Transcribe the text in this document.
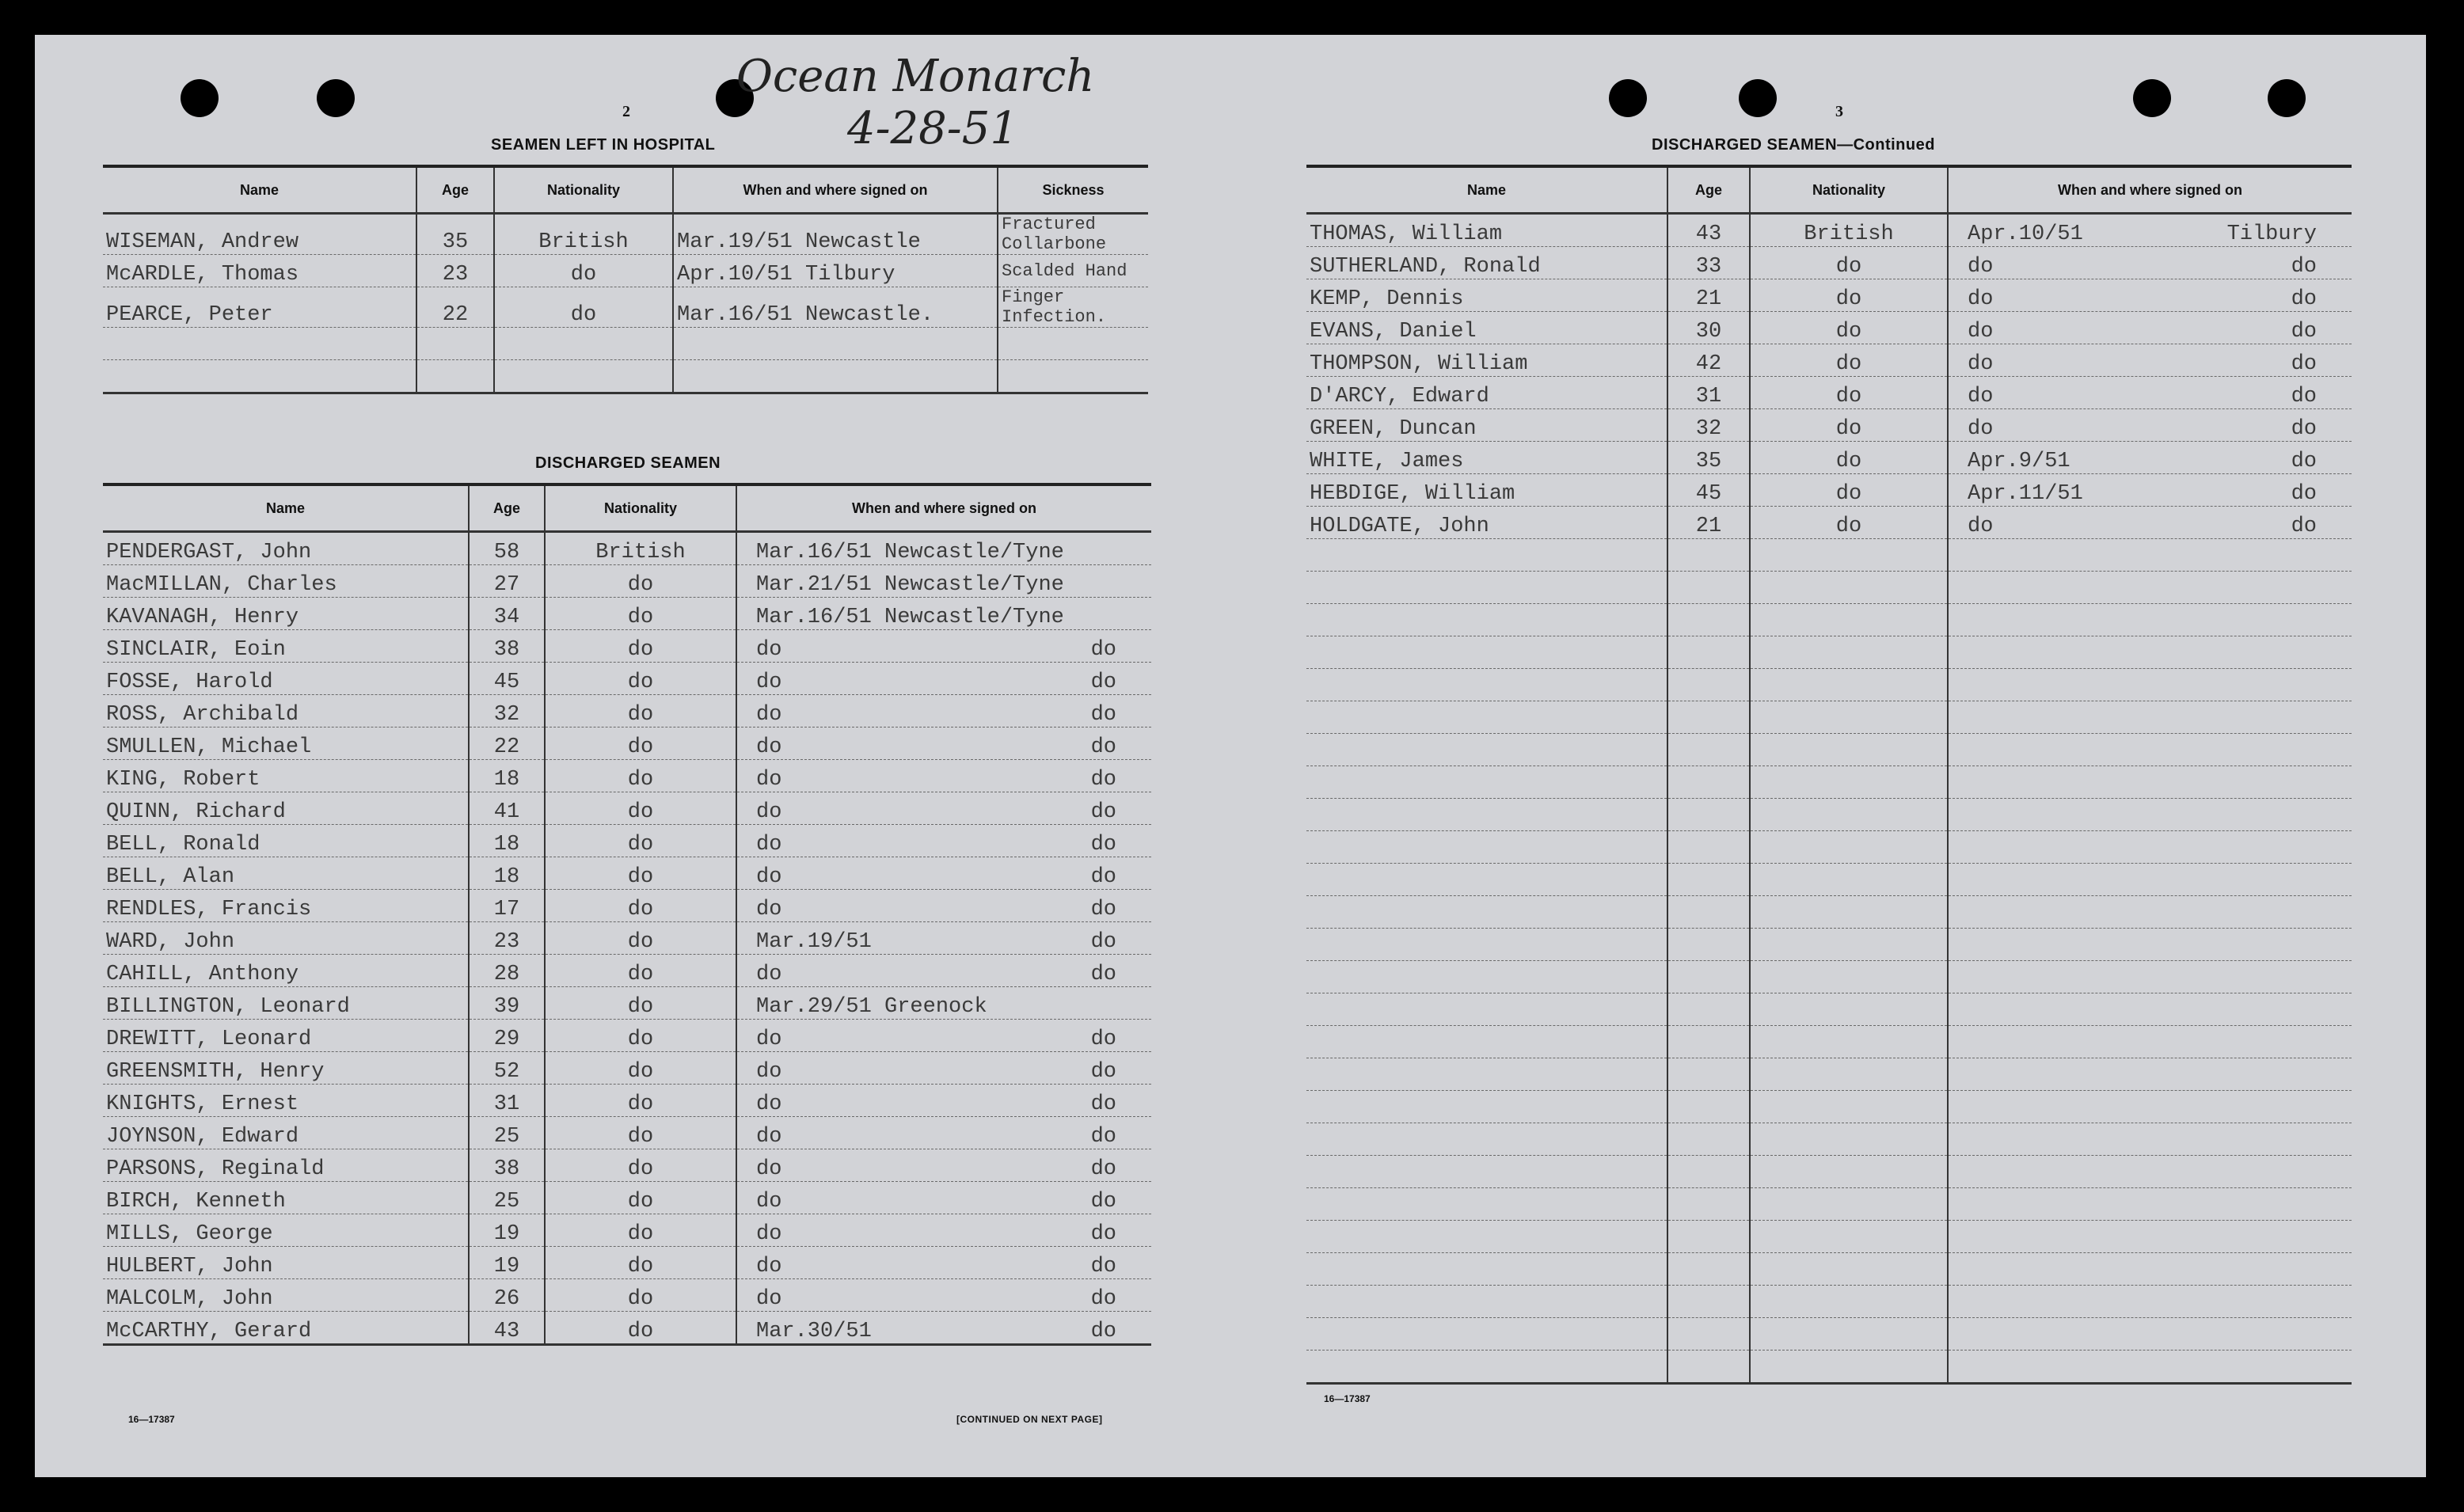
2
Ocean Monarch
4-28-51
SEAMEN LEFT IN HOSPITAL
Name	Age	Nationality	When and where signed on	Sickness
WISEMAN, Andrew	35	British	Mar.19/51 Newcastle	Fractured Collarbone
McARDLE, Thomas	23	do	Apr.10/51 Tilbury	Scalded Hand
PEARCE, Peter	22	do	Mar.16/51 Newcastle.	Finger Infection.

DISCHARGED SEAMEN
Name	Age	Nationality	When and where signed on
PENDERGAST, John	58	British	Mar.16/51 Newcastle/Tyne

MacMILLAN, Charles	27	do	Mar.21/51 Newcastle/Tyne

KAVANAGH, Henry	34	do	Mar.16/51 Newcastle/Tyne

SINCLAIR, Eoin	38	do	do do

FOSSE, Harold	45	do	do do

ROSS, Archibald	32	do	do do

SMULLEN, Michael	22	do	do do

KING, Robert	18	do	do do

QUINN, Richard	41	do	do do

BELL, Ronald	18	do	do do

BELL, Alan	18	do	do do

RENDLES, Francis	17	do	do do

WARD, John	23	do	Mar.19/51 do

CAHILL, Anthony	28	do	do do

BILLINGTON, Leonard	39	do	Mar.29/51 Greenock

DREWITT, Leonard	29	do	do do

GREENSMITH, Henry	52	do	do do

KNIGHTS, Ernest	31	do	do do

JOYNSON, Edward	25	do	do do

PARSONS, Reginald	38	do	do do

BIRCH, Kenneth	25	do	do do

MILLS, George	19	do	do do

HULBERT, John	19	do	do do

MALCOLM, John	26	do	do do

McCARTHY, Gerard	43	do	Mar.30/51 do
16—17387	[CONTINUED ON NEXT PAGE]
3
DISCHARGED SEAMEN—Continued
Name	Age	Nationality	When and where signed on
THOMAS, William	43	British	Apr.10/51 Tilbury

SUTHERLAND, Ronald	33	do	do do

KEMP, Dennis	21	do	do do

EVANS, Daniel	30	do	do do

THOMPSON, William	42	do	do do

D'ARCY, Edward	31	do	do do

GREEN, Duncan	32	do	do do

WHITE, James	35	do	Apr.9/51 do

HEBDIGE, William	45	do	Apr.11/51 do

HOLDGATE, John	21	do	do do

16—17387
